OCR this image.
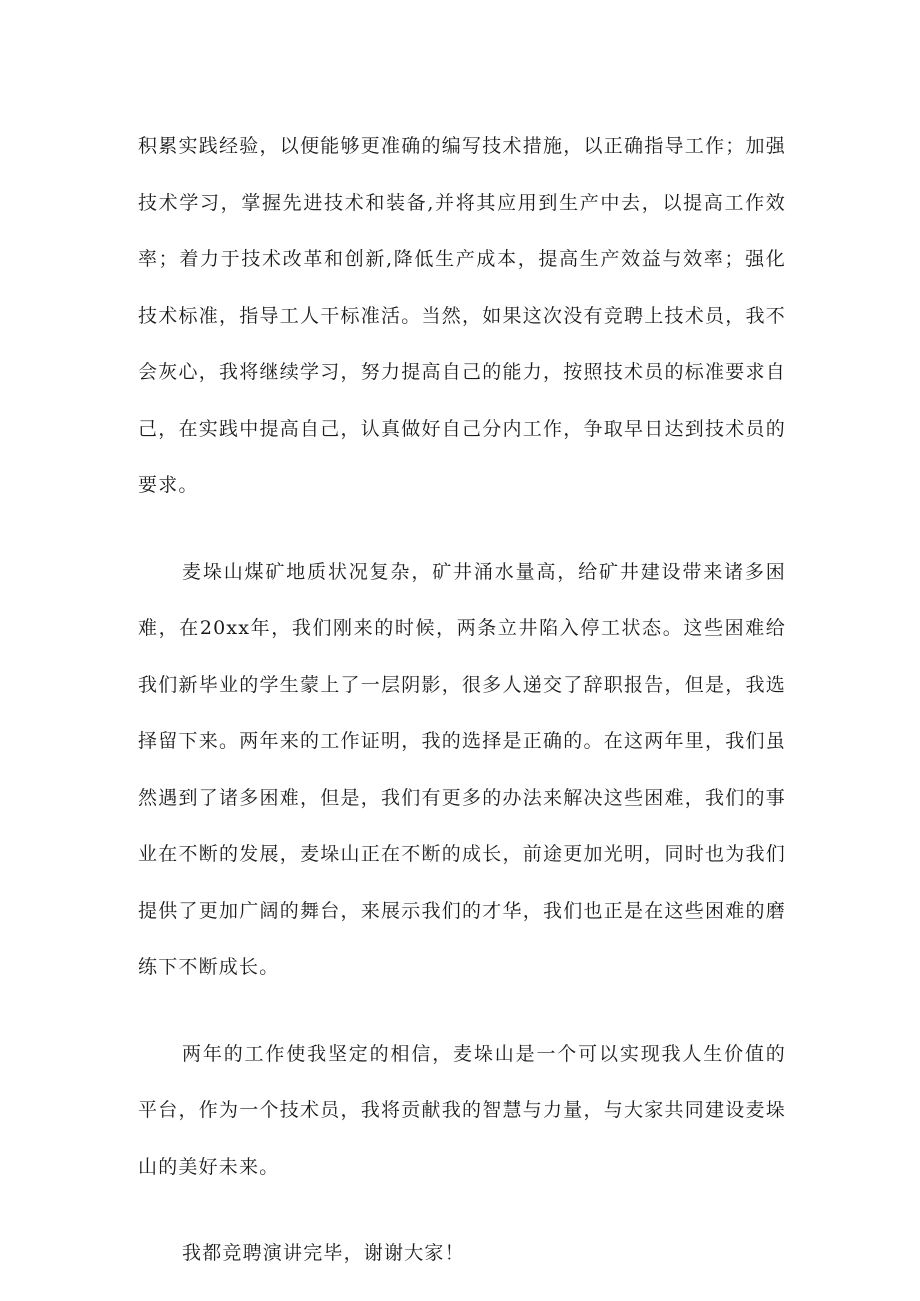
积累实践经验，以便能够更准确的编写技术措施，以正确指导工作；加强技术学习，掌握先进技术和装备,并将其应用到生产中去，以提高工作效率；着力于技术改革和创新,降低生产成本，提高生产效益与效率；强化技术标准，指导工人干标准活。当然，如果这次没有竞聘上技术员，我不会灰心，我将继续学习，努力提高自己的能力，按照技术员的标准要求自己，在实践中提高自己，认真做好自己分内工作，争取早日达到技术员的要求。

麦垛山煤矿地质状况复杂，矿井涌水量高，给矿井建设带来诸多困难，在20xx年，我们刚来的时候，两条立井陷入停工状态。这些困难给我们新毕业的学生蒙上了一层阴影，很多人递交了辞职报告，但是，我选择留下来。两年来的工作证明，我的选择是正确的。在这两年里，我们虽然遇到了诸多困难，但是，我们有更多的办法来解决这些困难，我们的事业在不断的发展，麦垛山正在不断的成长，前途更加光明，同时也为我们提供了更加广阔的舞台，来展示我们的才华，我们也正是在这些困难的磨练下不断成长。

两年的工作使我坚定的相信，麦垛山是一个可以实现我人生价值的平台，作为一个技术员，我将贡献我的智慧与力量，与大家共同建设麦垛山的美好未来。

我都竞聘演讲完毕，谢谢大家！
